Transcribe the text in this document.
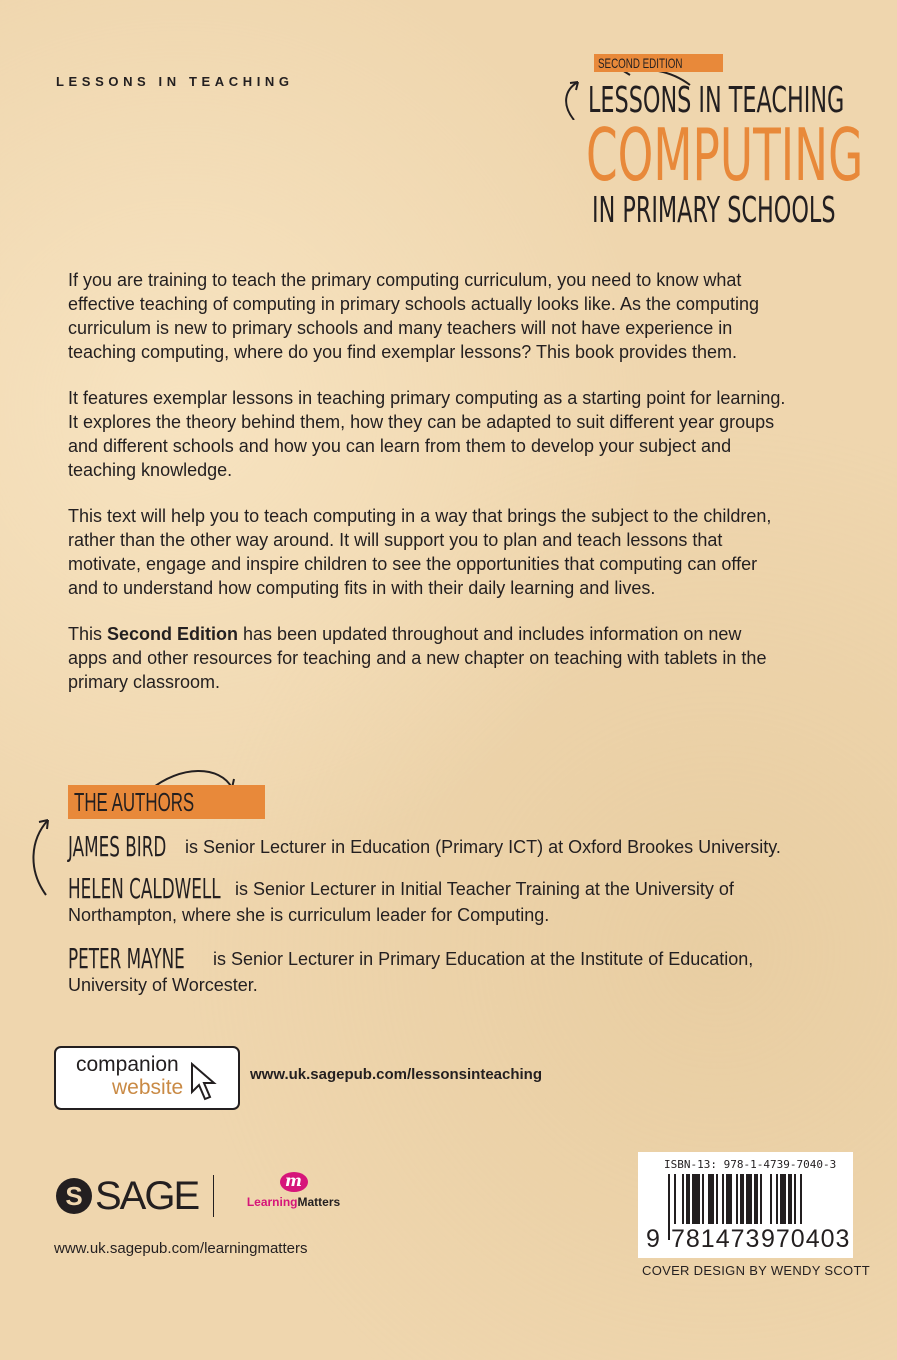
LESSONS IN TEACHING
SECOND EDITION
LESSONS IN TEACHING
COMPUTING
IN PRIMARY SCHOOLS
If you are training to teach the primary computing curriculum, you need to know what
effective teaching of computing in primary schools actually looks like. As the computing
curriculum is new to primary schools and many teachers will not have experience in
teaching computing, where do you find exemplar lessons? This book provides them.
It features exemplar lessons in teaching primary computing as a starting point for learning.
It explores the theory behind them, how they can be adapted to suit different year groups
and different schools and how you can learn from them to develop your subject and
teaching knowledge.
This text will help you to teach computing in a way that brings the subject to the children,
rather than the other way around. It will support you to plan and teach lessons that
motivate, engage and inspire children to see the opportunities that computing can offer
and to understand how computing fits in with their daily learning and lives.
This Second Edition has been updated throughout and includes information on new
apps and other resources for teaching and a new chapter on teaching with tablets in the
primary classroom.
THE AUTHORS
JAMES BIRD is Senior Lecturer in Education (Primary ICT) at Oxford Brookes University.
HELEN CALDWELL is Senior Lecturer in Initial Teacher Training at the University of
Northampton, where she is curriculum leader for Computing.
PETER MAYNE is Senior Lecturer in Primary Education at the Institute of Education,
University of Worcester.
companion
website
www.uk.sagepub.com/lessonsinteaching
S SAGE	m
LearningMatters
www.uk.sagepub.com/learningmatters
ISBN-13: 978-1-4739-7040-3
9 781473 970403
COVER DESIGN BY WENDY SCOTT
